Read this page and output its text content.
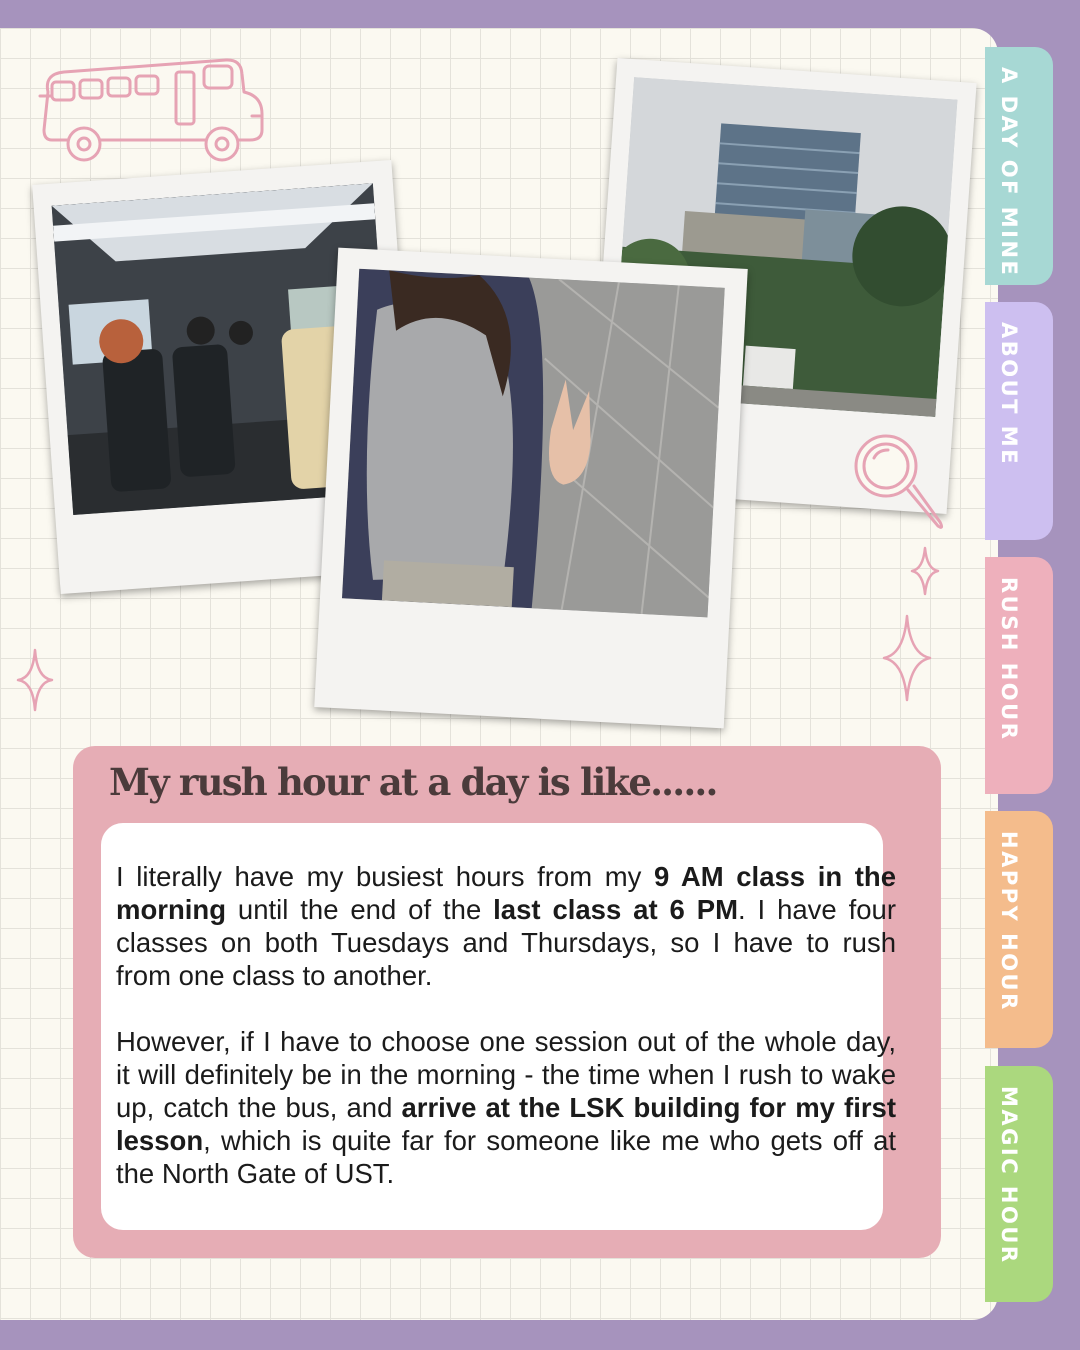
A DAY OF MINE
ABOUT ME
RUSH HOUR
HAPPY HOUR
MAGIC HOUR
My rush hour at a day is like......

I literally have my busiest hours from my 9 AM class in the morning until the end of the last class at 6 PM. I have four classes on both Tuesdays and Thursdays, so I have to rush from one class to another.

However, if I have to choose one session out of the whole day, it will definitely be in the morning - the time when I rush to wake up, catch the bus, and arrive at the LSK building for my first lesson, which is quite far for someone like me who gets off at the North Gate of UST.
